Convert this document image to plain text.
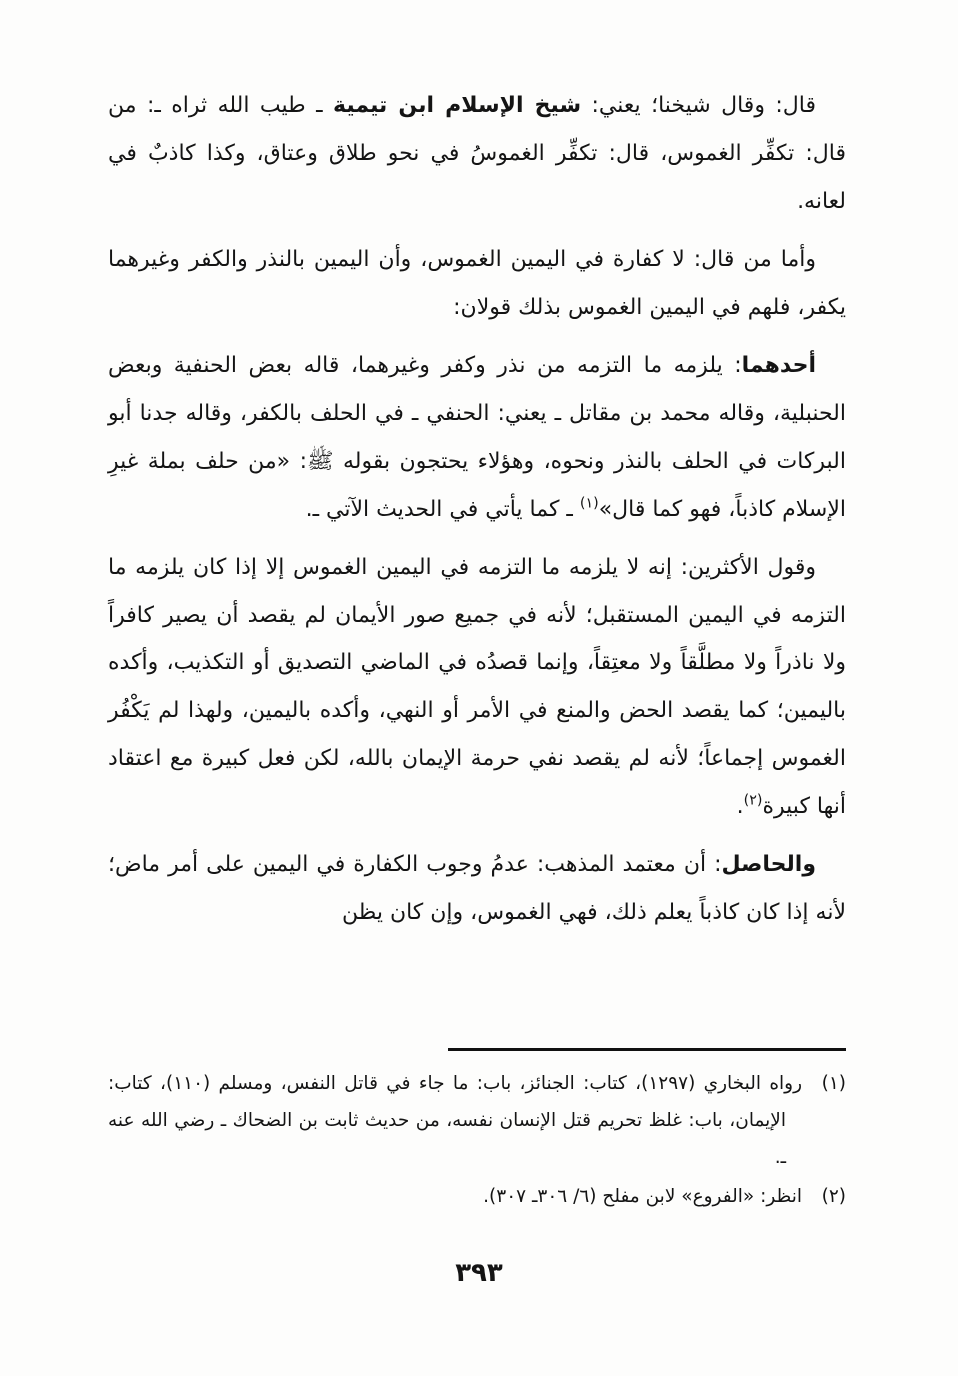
قال: وقال شيخنا؛ يعني: شيخ الإسلام ابن تيمية ـ طيب الله ثراه ـ: من قال: تكفِّر الغموس، قال: تكفِّر الغموسُ في نحو طلاق وعتاق، وكذا كاذبٌ في لعانه.

وأما من قال: لا كفارة في اليمين الغموس، وأن اليمين بالنذر والكفر وغيرهما يكفر، فلهم في اليمين الغموس بذلك قولان:

أحدهما: يلزمه ما التزمه من نذر وكفر وغيرهما، قاله بعض الحنفية وبعض الحنبلية، وقاله محمد بن مقاتل ـ يعني: الحنفي ـ في الحلف بالكفر، وقاله جدنا أبو البركات في الحلف بالنذر ونحوه، وهؤلاء يحتجون بقوله ﷺ: «من حلف بملة غيرِ الإسلام كاذباً، فهو كما قال»$^{(١)}$ ـ كما يأتي في الحديث الآتي ـ.

وقول الأكثرين: إنه لا يلزمه ما التزمه في اليمين الغموس إلا إذا كان يلزمه ما التزمه في اليمين المستقبل؛ لأنه في جميع صور الأيمان لم يقصد أن يصير كافراً ولا ناذراً ولا مطلَّقاً ولا معتِقاً، وإنما قصدُه في الماضي التصديق أو التكذيب، وأكده باليمين؛ كما يقصد الحض والمنع في الأمر أو النهي، وأكده باليمين، ولهذا لم يَكْفُر الغموس إجماعاً؛ لأنه لم يقصد نفي حرمة الإيمان بالله، لكن فعل كبيرة مع اعتقاد أنها كبيرة$^{(٢)}$.

والحاصل: أن معتمد المذهب: عدمُ وجوب الكفارة في اليمين على أمر ماض؛ لأنه إذا كان كاذباً يعلم ذلك، فهي الغموس، وإن كان يظن

(١)رواه البخاري (١٢٩٧)، كتاب: الجنائز، باب: ما جاء في قاتل النفس، ومسلم (١١٠)، كتاب: الإيمان، باب: غلظ تحريم قتل الإنسان نفسه، من حديث ثابت بن الضحاك ـ رضي الله عنه ـ.
(٢)انظر: «الفروع» لابن مفلح (٦/ ٣٠٦ـ ٣٠٧).
٣٩٣
